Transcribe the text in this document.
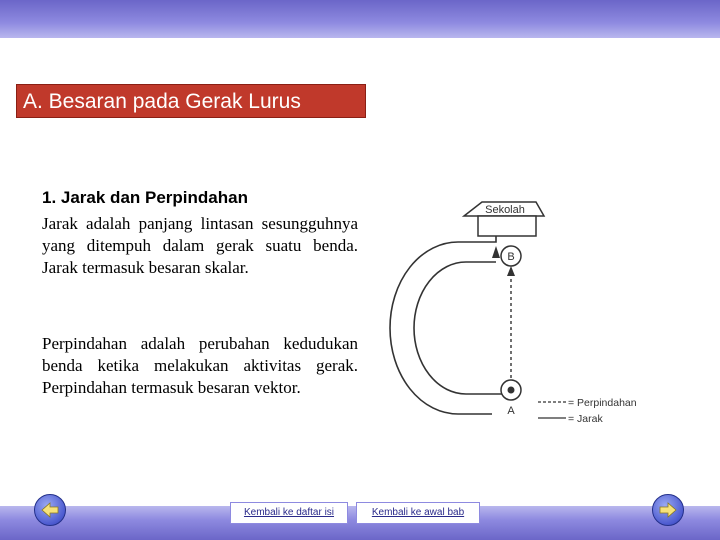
A. Besaran pada Gerak Lurus
1. Jarak dan Perpindahan

Jarak adalah panjang lintasan sesungguhnya yang ditempuh dalam gerak suatu benda. Jarak termasuk besaran skalar.

Perpindahan adalah perubahan kedudukan benda ketika melakukan aktivitas gerak. Perpindahan termasuk besaran vektor.

Sekolah
B
A
= Perpindahan
= Jarak
Kembali ke daftar isi	Kembali ke awal bab
